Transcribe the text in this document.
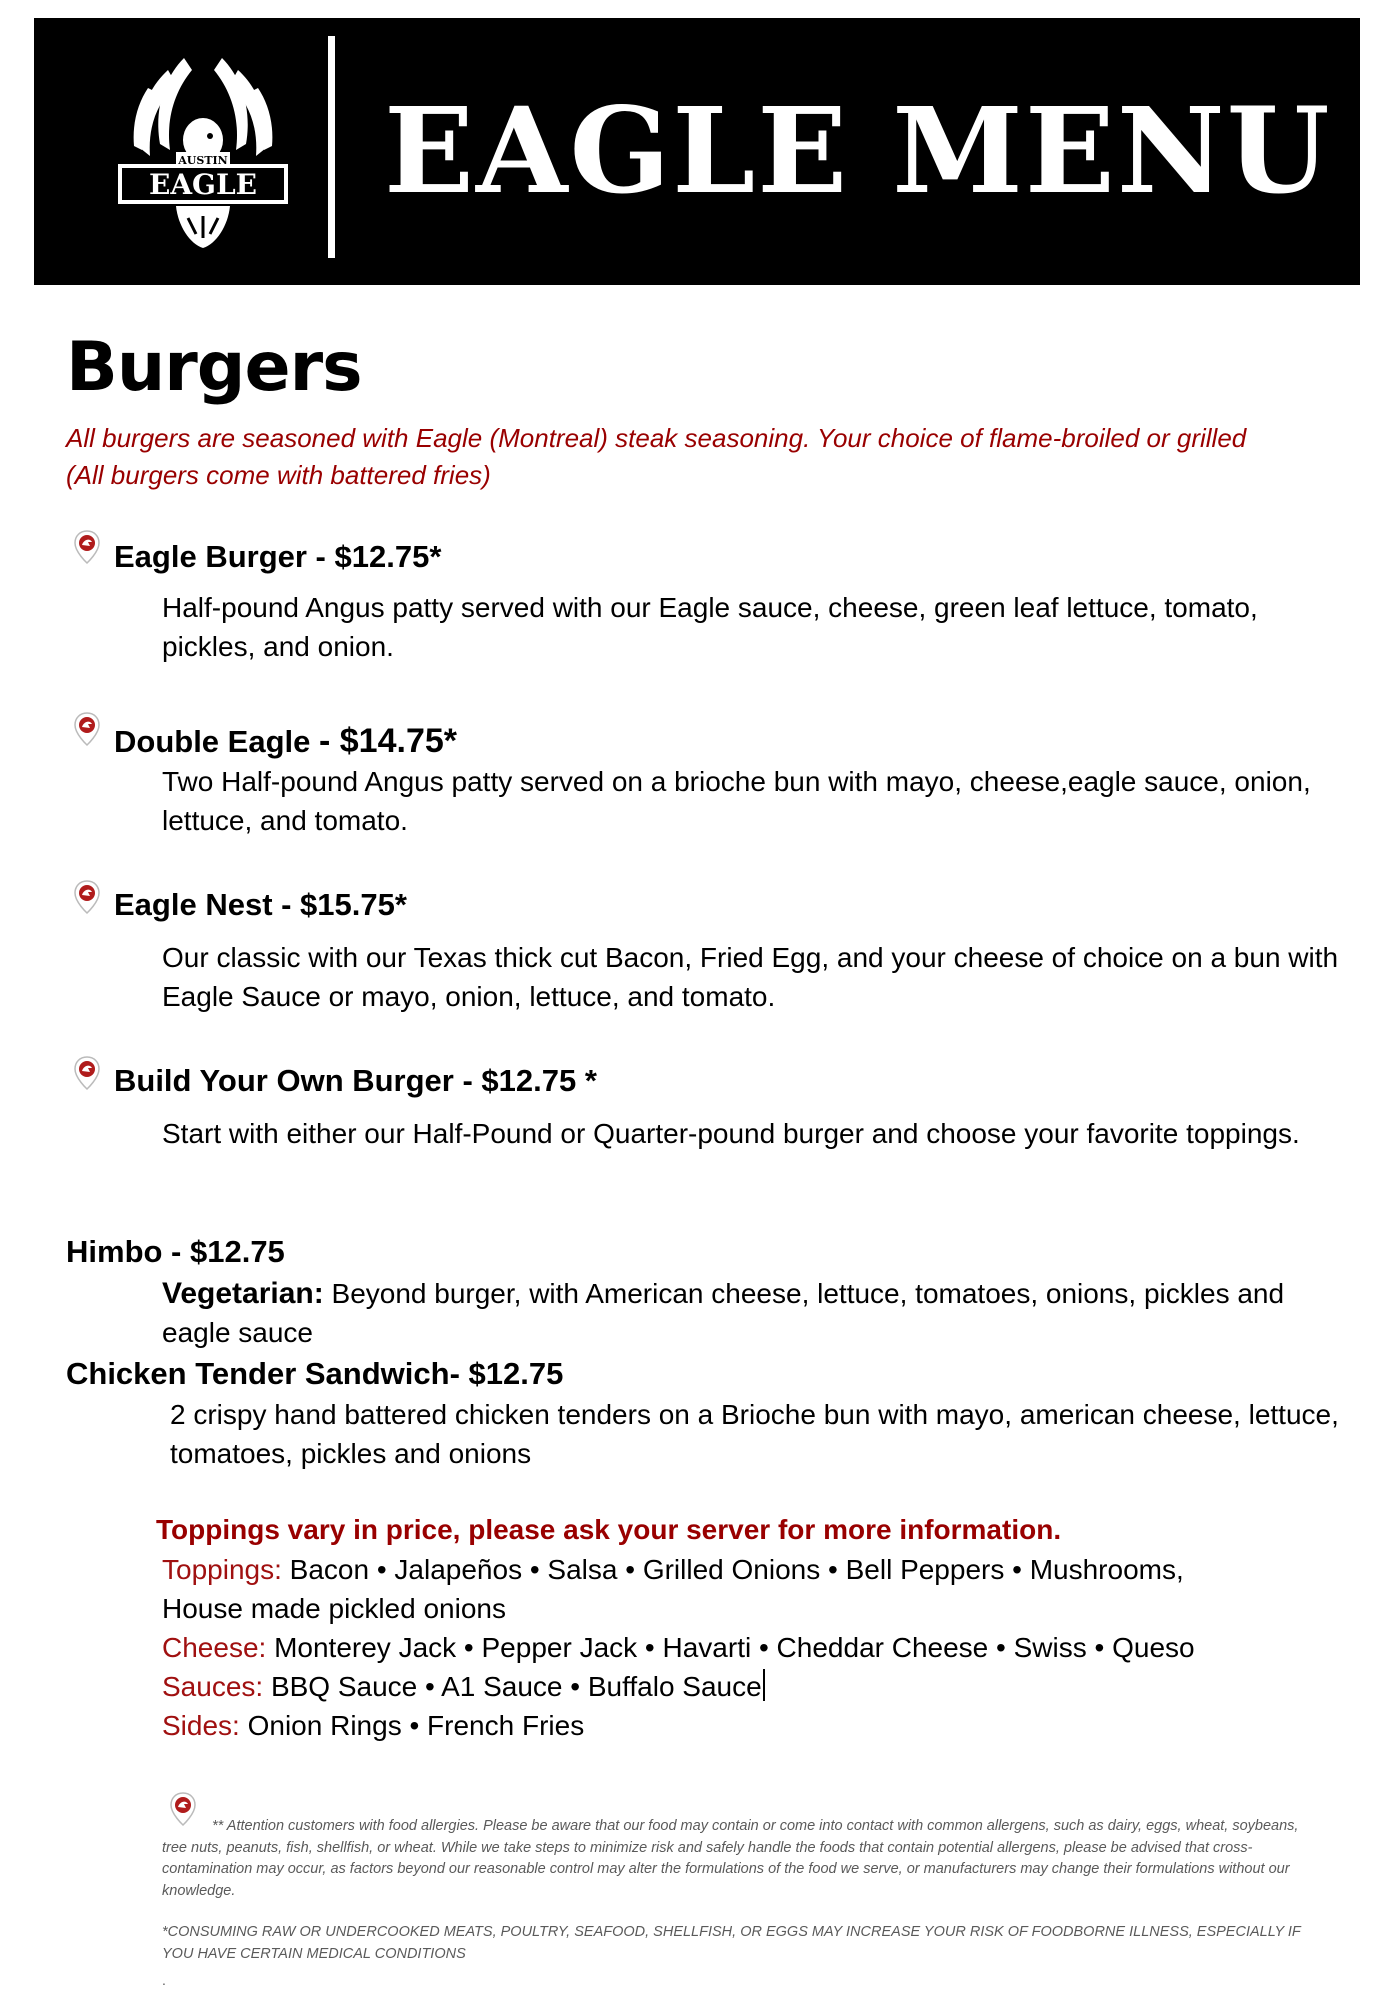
AUSTIN
EAGLE EAGLE MENU
Burgers
All burgers are seasoned with Eagle (Montreal) steak seasoning. Your choice of flame-broiled or grilled
(All burgers come with battered fries)
Eagle Burger - $12.75*
Half-pound Angus patty served with our Eagle sauce, cheese, green leaf lettuce, tomato, pickles, and onion.
Double Eagle - $14.75*
Two Half-pound Angus patty served on a brioche bun with mayo, cheese,eagle sauce, onion, lettuce, and tomato.
Eagle Nest - $15.75*
Our classic with our Texas thick cut Bacon, Fried Egg, and your cheese of choice on a bun with Eagle Sauce or mayo, onion, lettuce, and tomato.
Build Your Own Burger - $12.75 *
Start with either our Half-Pound or Quarter-pound burger and choose your favorite toppings.
Himbo - $12.75
Vegetarian: Beyond burger, with American cheese, lettuce, tomatoes, onions, pickles and eagle sauce
Chicken Tender Sandwich- $12.75
2 crispy hand battered chicken tenders on a Brioche bun with mayo, american cheese, lettuce, tomatoes, pickles and onions
Toppings vary in price, please ask your server for more information.
Toppings: Bacon • Jalapeños • Salsa • Grilled Onions • Bell Peppers • Mushrooms,
House made pickled onions
Cheese: Monterey Jack • Pepper Jack • Havarti • Cheddar Cheese • Swiss • Queso
Sauces: BBQ Sauce • A1 Sauce • Buffalo Sauce
Sides: Onion Rings • French Fries
** Attention customers with food allergies. Please be aware that our food may contain or come into contact with common allergens, such as dairy, eggs, wheat, soybeans, tree nuts, peanuts, fish, shellfish, or wheat. While we take steps to minimize risk and safely handle the foods that contain potential allergens, please be advised that cross-contamination may occur, as factors beyond our reasonable control may alter the formulations of the food we serve, or manufacturers may change their formulations without our knowledge.
*CONSUMING RAW OR UNDERCOOKED MEATS, POULTRY, SEAFOOD, SHELLFISH, OR EGGS MAY INCREASE YOUR RISK OF FOODBORNE ILLNESS, ESPECIALLY IF YOU HAVE CERTAIN MEDICAL CONDITIONS
.
